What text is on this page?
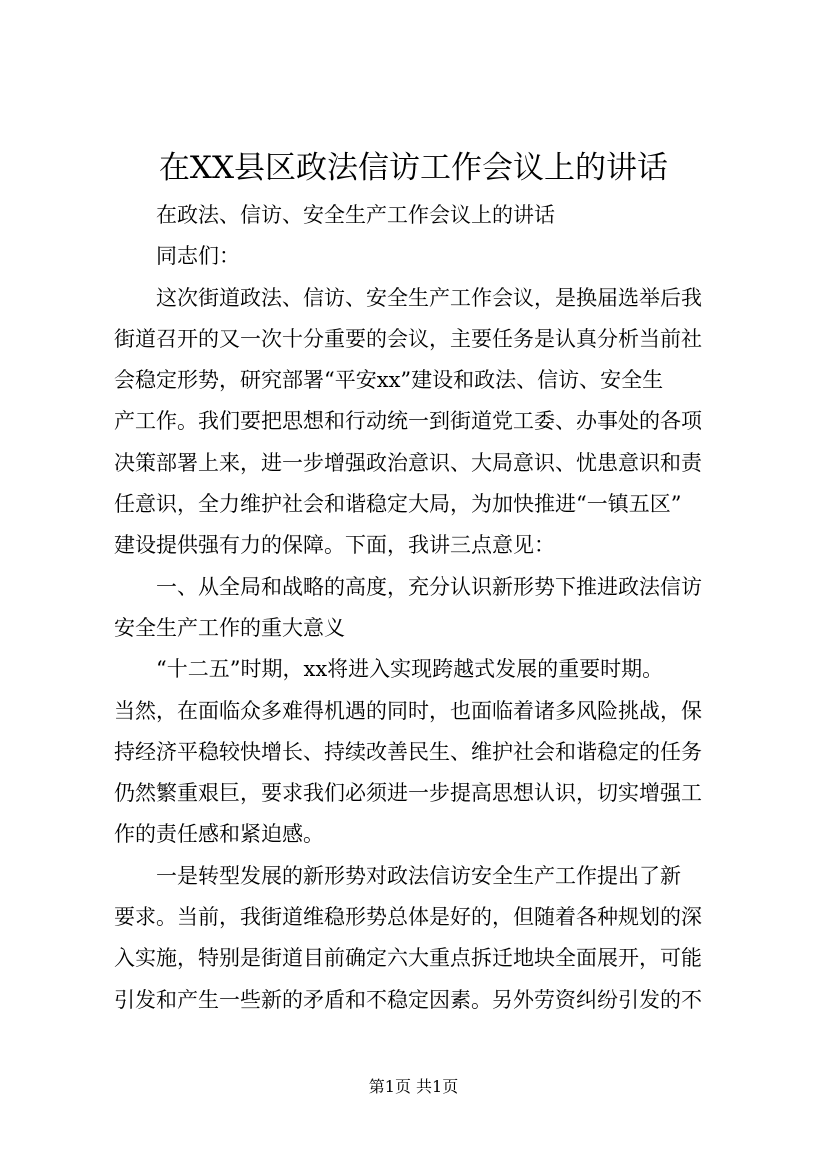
在XX县区政法信访工作会议上的讲话

在政法、信访、安全生产工作会议上的讲话

同志们：

这次街道政法、信访、安全生产工作会议，是换届选举后我

街道召开的又一次十分重要的会议，主要任务是认真分析当前社

会稳定形势，研究部署“平安xx”建设和政法、信访、安全生

产工作。我们要把思想和行动统一到街道党工委、办事处的各项

决策部署上来，进一步增强政治意识、大局意识、忧患意识和责

任意识，全力维护社会和谐稳定大局，为加快推进“一镇五区”

建设提供强有力的保障。下面，我讲三点意见：

一、从全局和战略的高度，充分认识新形势下推进政法信访

安全生产工作的重大意义

“十二五”时期，xx将进入实现跨越式发展的重要时期。

当然，在面临众多难得机遇的同时，也面临着诸多风险挑战，保

持经济平稳较快增长、持续改善民生、维护社会和谐稳定的任务

仍然繁重艰巨，要求我们必须进一步提高思想认识，切实增强工

作的责任感和紧迫感。

一是转型发展的新形势对政法信访安全生产工作提出了新

要求。当前，我街道维稳形势总体是好的，但随着各种规划的深

入实施，特别是街道目前确定六大重点拆迁地块全面展开，可能

引发和产生一些新的矛盾和不稳定因素。另外劳资纠纷引发的不

第1页 共1页
